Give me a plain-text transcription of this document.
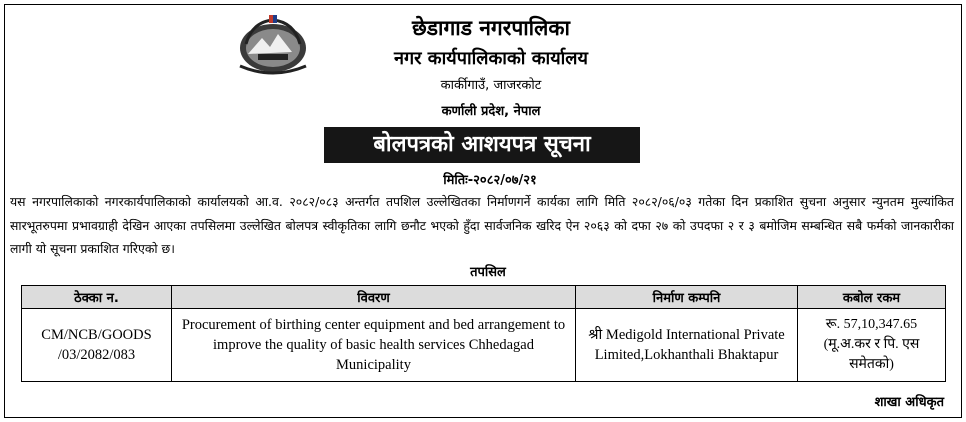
छेडागाड नगरपालिका
नगर कार्यपालिकाको कार्यालय
कार्कीगाउँ, जाजरकोट
कर्णाली प्रदेश, नेपाल
बोलपत्रको आशयपत्र सूचना
मितिः-२०८२/०७/२१
यस नगरपालिकाको नगरकार्यपालिकाको कार्यालयको आ.व. २०८२/०८३ अन्तर्गत तपशिल उल्लेखितका निर्माणगर्ने कार्यका लागि मिति २०८२/०६/०३ गतेका दिन प्रकाशित सुचना अनुसार न्युनतम मुल्यांकित सारभूतरुपमा प्रभावग्राही देखिन आएका तपसिलमा उल्लेखित बोलपत्र स्वीकृतिका लागि छनौट भएको हुँदा सार्वजनिक खरिद ऐन २०६३ को दफा २७ को उपदफा २ र ३ बमोजिम सम्बन्धित सबै फर्मको जानकारीका लागी यो सूचना प्रकाशित गरिएको छ।
तपसिल
ठेक्का न.	विवरण	निर्माण कम्पनि	कबोल रकम
CM/NCB/GOODS /03/2082/083	Procurement of birthing center equipment and bed arrangement to improve the quality of basic health services Chhedagad Municipality	श्री Medigold International Private Limited,Lokhanthali Bhaktapur	रू. 57,10,347.65 (मू.अ.कर र पि. एस समेतको)
शाखा अधिकृत
